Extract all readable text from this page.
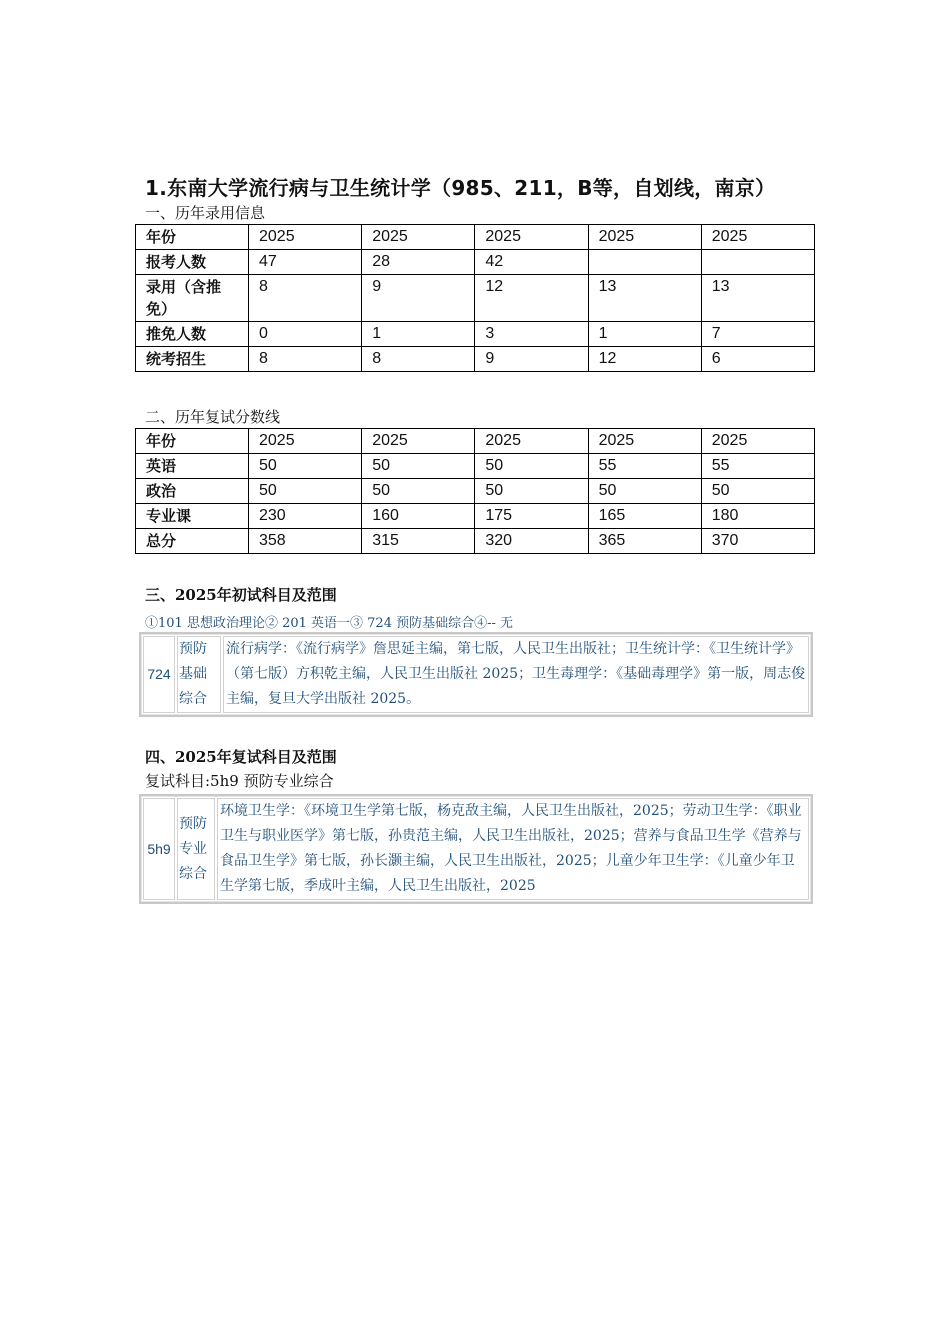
1.东南大学流行病与卫生统计学（985、211，B等，自划线，南京）
一、历年录用信息
年份	2025	2025	2025	2025	2025
报考人数	47	28	42		
录用（含推免）	8	9	12	13	13
推免人数	0	1	3	1	7
统考招生	8	8	9	12	6
二、历年复试分数线
年份	2025	2025	2025	2025	2025
英语	50	50	50	55	55
政治	50	50	50	50	50
专业课	230	160	175	165	180
总分	358	315	320	365	370
三、2025年初试科目及范围
①101 思想政治理论② 201 英语一③ 724 预防基础综合④-- 无
724	预防基础综合	流行病学：《流行病学》詹思延主编，第七版，人民卫生出版社；卫生统计学：《卫生统计学》（第七版）方积乾主编，人民卫生出版社 2025；卫生毒理学：《基础毒理学》第一版，周志俊主编，复旦大学出版社 2025。
四、2025年复试科目及范围
复试科目:5h9 预防专业综合
5h9	预防专业综合	环境卫生学：《环境卫生学第七版，杨克敌主编，人民卫生出版社，2025；劳动卫生学：《职业卫生与职业医学》第七版，孙贵范主编，人民卫生出版社，2025；营养与食品卫生学《营养与食品卫生学》第七版，孙长灏主编，人民卫生出版社，2025；儿童少年卫生学：《儿童少年卫生学第七版，季成叶主编，人民卫生出版社，2025
